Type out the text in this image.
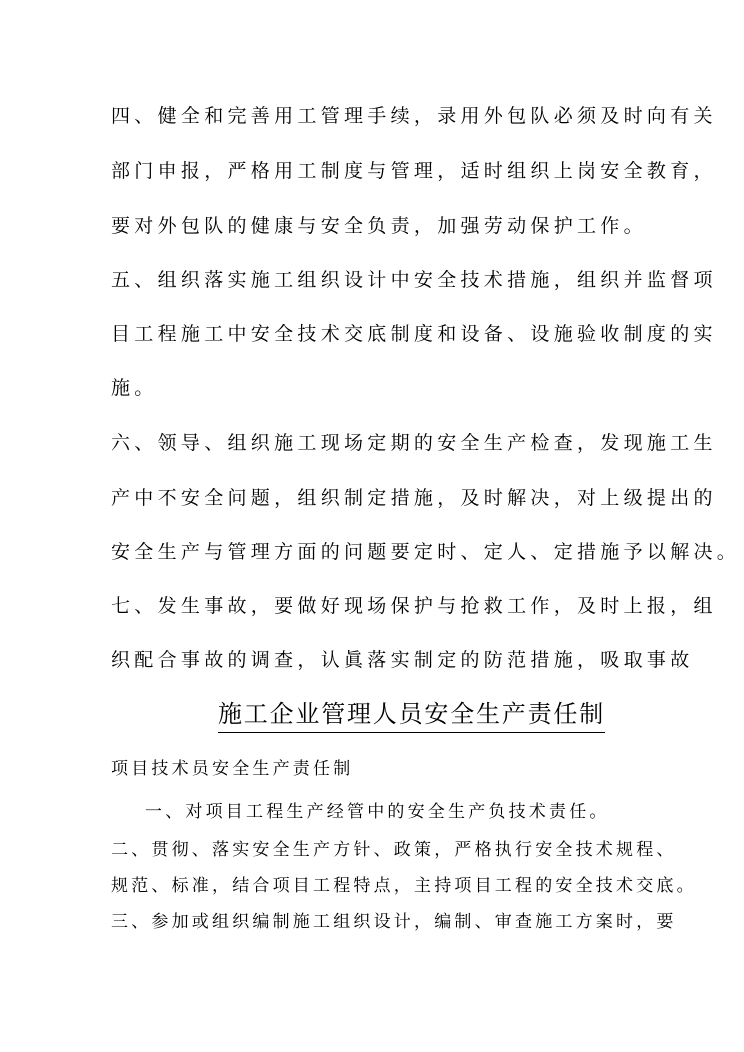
四、健全和完善用工管理手续，录用外包队必须及时向有关
部门申报，严格用工制度与管理，适时组织上岗安全教育，
要对外包队的健康与安全负责，加强劳动保护工作。
五、组织落实施工组织设计中安全技术措施，组织并监督项
目工程施工中安全技术交底制度和设备、设施验收制度的实
施。
六、领导、组织施工现场定期的安全生产检查，发现施工生
产中不安全问题，组织制定措施，及时解决，对上级提出的
安全生产与管理方面的问题要定时、定人、定措施予以解决。
七、发生事故，要做好现场保护与抢救工作，及时上报，组
织配合事故的调查，认眞落实制定的防范措施，吸取事故
施工企业管理人员安全生产责任制
项目技术员安全生产责任制
一、对项目工程生产经管中的安全生产负技术责任。
二、贯彻、落实安全生产方针、政策，严格执行安全技术规程、
规范、标准，结合项目工程特点，主持项目工程的安全技术交底。
三、参加或组织编制施工组织设计，编制、审查施工方案时，要
